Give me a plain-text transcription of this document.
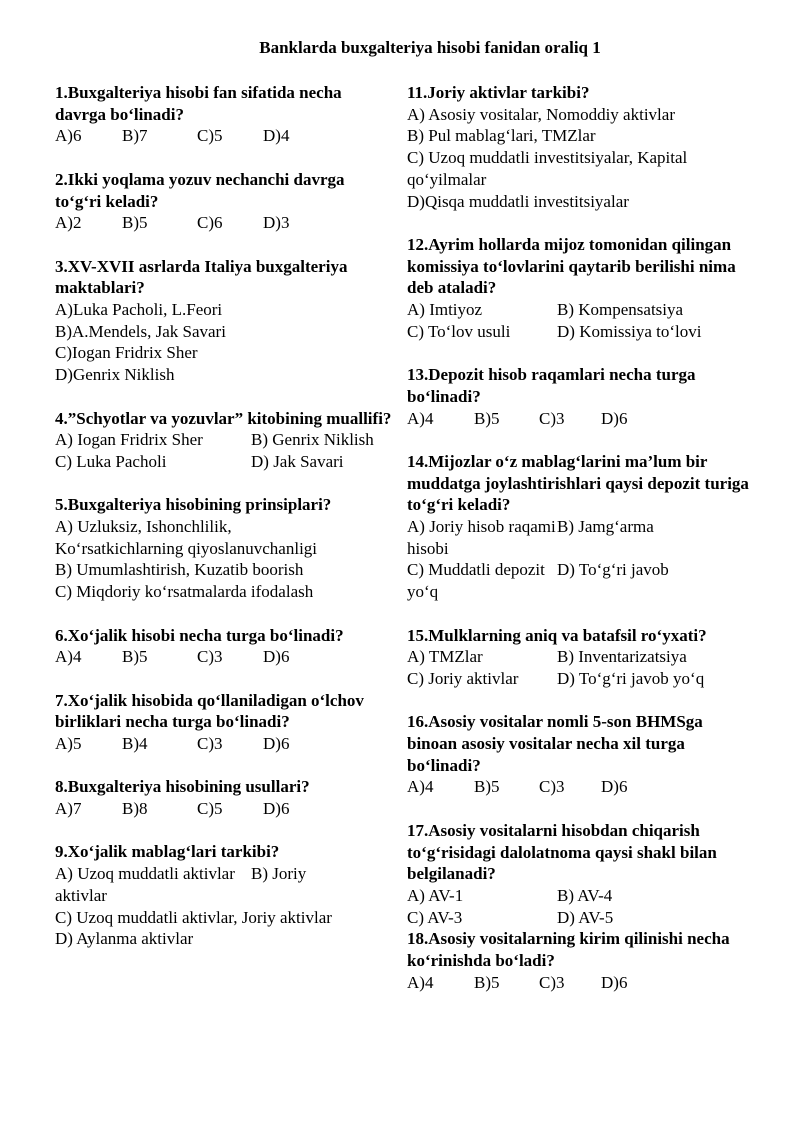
Banklarda buxgalteriya hisobi fanidan oraliq 1
1.Buxgalteriya hisobi fan sifatida necha davrga bo‘linadi?
A)6 B)7	C)5 D)4
2.Ikki yoqlama yozuv nechanchi davrga to‘g‘ri keladi?
A)2 B)5	C)6 D)3
3.XV-XVII asrlarda Italiya buxgalteriya maktablari?
A)Luka Pacholi, L.Feori
B)A.Mendels, Jak Savari
C)Iogan Fridrix Sher
D)Genrix Niklish
4.”Schyotlar va yozuvlar” kitobining muallifi?
A) Iogan Fridrix Sher	B) Genrix Niklish
C) Luka Pacholi	D) Jak Savari
5.Buxgalteriya hisobining prinsiplari?
A) Uzluksiz, Ishonchlilik,
Ko‘rsatkichlarning qiyoslanuvchanligi
B) Umumlashtirish, Kuzatib boorish
C) Miqdoriy ko‘rsatmalarda ifodalash
6.Xo‘jalik hisobi necha turga bo‘linadi?
A)4 B)5	C)3 D)6
7.Xo‘jalik hisobida qo‘llaniladigan o‘lchov birliklari necha turga bo‘linadi?
A)5 B)4	C)3 D)6
8.Buxgalteriya hisobining usullari?
A)7 B)8	C)5 D)6
9.Xo‘jalik mablag‘lari tarkibi?
A) Uzoq muddatli aktivlar B) Joriy
aktivlar
C) Uzoq muddatli aktivlar, Joriy aktivlar
D) Aylanma aktivlar
11.Joriy aktivlar tarkibi?
A) Asosiy vositalar, Nomoddiy aktivlar
B) Pul mablag‘lari, TMZlar
C) Uzoq muddatli investitsiyalar, Kapital
qo‘yilmalar
D)Qisqa muddatli investitsiyalar
12.Ayrim hollarda mijoz tomonidan qilingan komissiya to‘lovlarini qaytarib berilishi nima deb ataladi?
A) Imtiyoz	B) Kompensatsiya
C) To‘lov usuli	D) Komissiya to‘lovi
13.Depozit hisob raqamlari necha turga bo‘linadi?
A)4 B)5 C)3 D)6
14.Mijozlar o‘z mablag‘larini ma’lum bir muddatga joylashtirishlari qaysi depozit turiga to‘g‘ri keladi?
A) Joriy hisob raqamiB) Jamg‘arma
hisobi
C) Muddatli depozit D) To‘g‘ri javob
yo‘q
15.Mulklarning aniq va batafsil ro‘yxati?
A) TMZlar	B) Inventarizatsiya
C) Joriy aktivlar D) To‘g‘ri javob yo‘q
16.Asosiy vositalar nomli 5-son BHMSga binoan asosiy vositalar necha xil turga bo‘linadi?
A)4 B)5 C)3 D)6
17.Asosiy vositalarni hisobdan chiqarish to‘g‘risidagi dalolatnoma qaysi shakl bilan belgilanadi?
A) AV-1	B) AV-4
C) AV-3	D) AV-5
18.Asosiy vositalarning kirim qilinishi necha ko‘rinishda bo‘ladi?
A)4 B)5 C)3 D)6
